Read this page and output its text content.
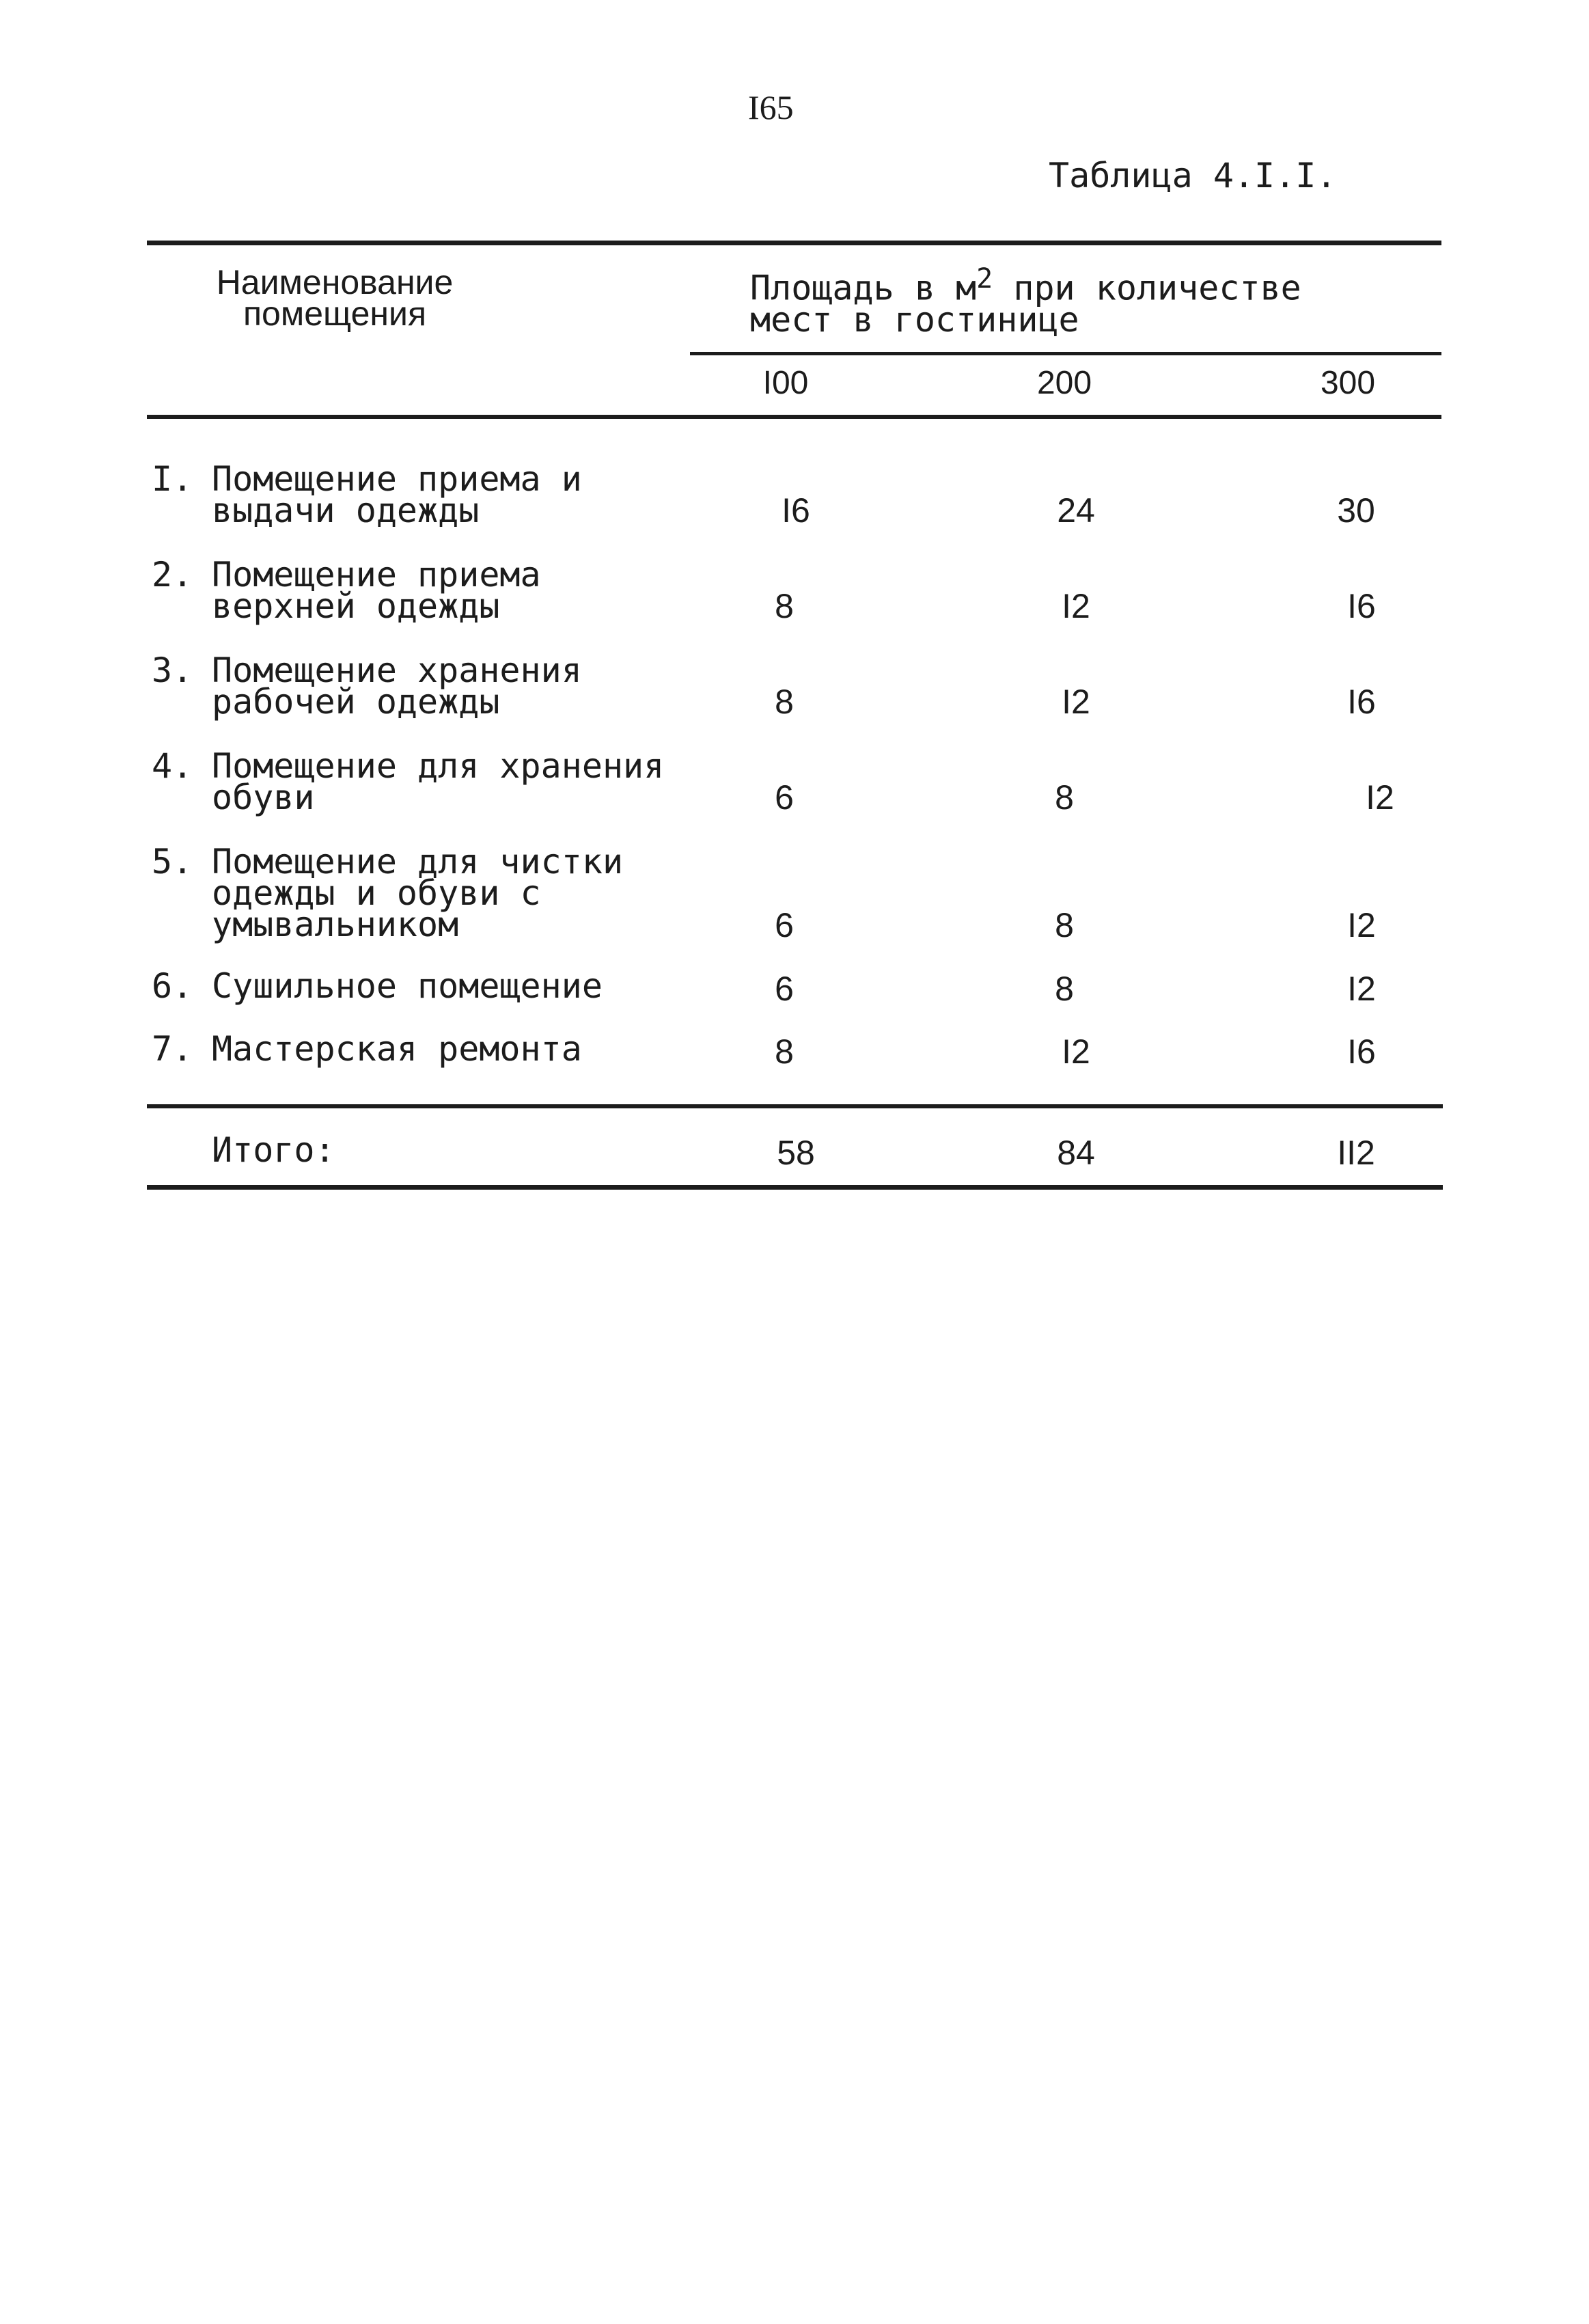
I65
Таблица 4.I.I.
Наименование
помещения
Площадь в $м^2$ при количестве
мест в гостинице
I00	200	300
I. Помещение приема и
выдачи одежды	I6	24	30
2. Помещение приема
верхней одежды	8	I2	I6
3. Помещение хранения
рабочей одежды	8	I2	I6
4. Помещение для хранения
обуви	6	8	I2
5. Помещение для чистки
одежды и обуви с
умывальником	6	8	I2
6. Сушильное помещение	6	8	I2
7. Мастерская ремонта	8	I2	I6
Итого:	58	84	II2
